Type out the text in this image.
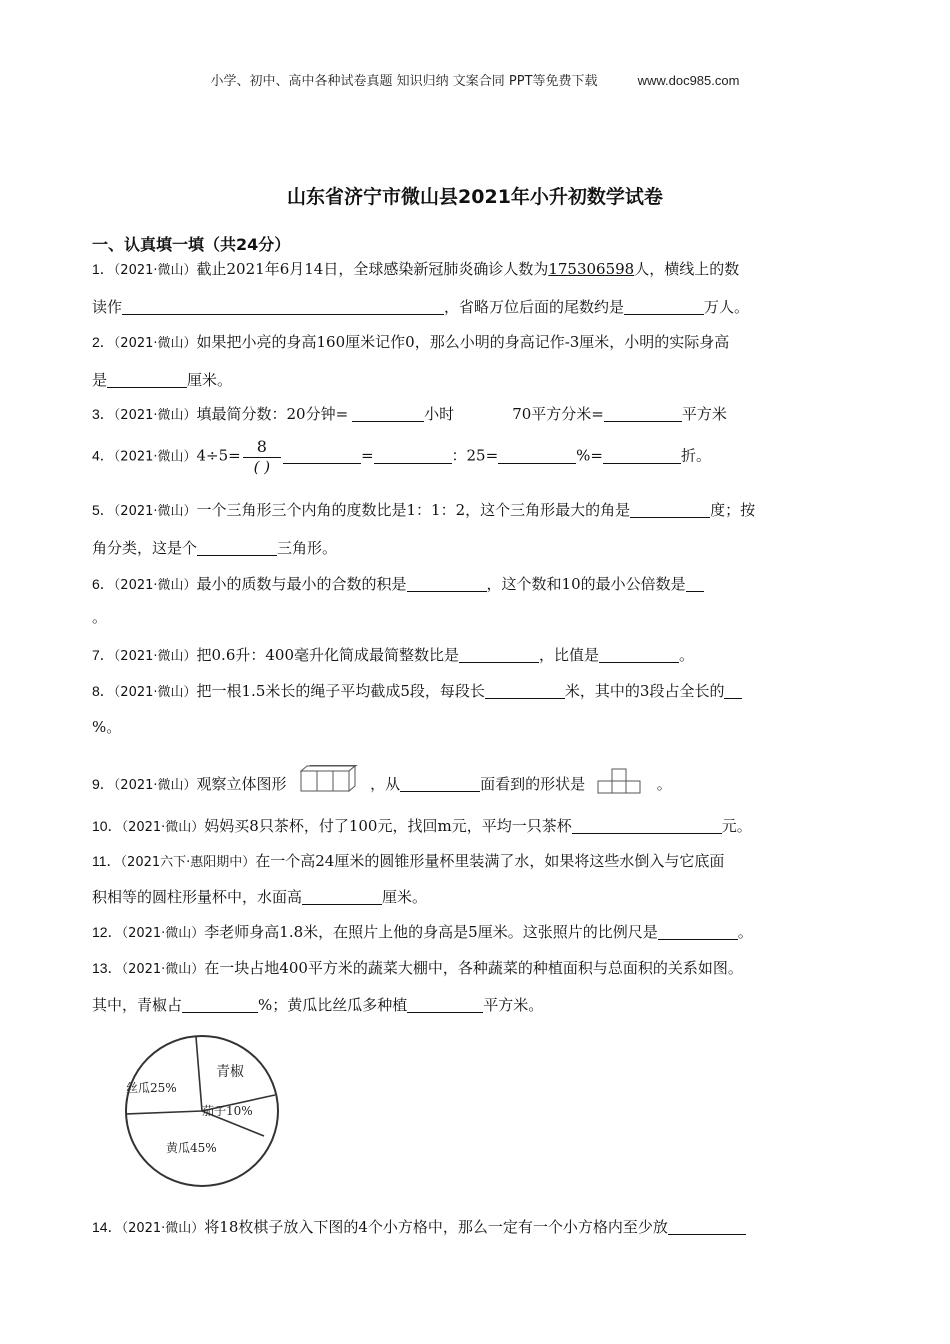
小学、初中、高中各种试卷真题 知识归纳 文案合同 PPT等免费下载	www.doc985.com
山东省济宁市微山县2021年小升初数学试卷
一、认真填一填（共24分）
1．（2021·微山）截止2021年6月14日，全球感染新冠肺炎确诊人数为175306598人，横线上的数
读作	，省略万位后面的尾数约是	万人。
2．（2021·微山）如果把小亮的身高160厘米记作0，那么小明的身高记作-3厘米，小明的实际身高
是	厘米。
3．（2021·微山）填最简分数：20分钟=	小时	70平方分米=	平方米
4．（2021·微山）$4\div 5= \frac{8}{( )}$	=	：25=	%=	折。
5．（2021·微山）一个三角形三个内角的度数比是1：1：2，这个三角形最大的角是	度；按
角分类，这是个	三角形。
6．（2021·微山）最小的质数与最小的合数的积是	，这个数和10的最小公倍数是
。
7．（2021·微山）把0.6升：400毫升化简成最简整数比是	，比值是	。
8．（2021·微山）把一根1.5米长的绳子平均截成5段，每段长	米，其中的3段占全长的
%。
9．（2021·微山）观察立体图形	，从	面看到的形状是	。
10．（2021·微山）妈妈买8只茶杯，付了100元，找回m元，平均一只茶杯	元。
11．（2021六下·惠阳期中）在一个高24厘米的圆锥形量杯里装满了水，如果将这些水倒入与它底面
积相等的圆柱形量杯中，水面高	厘米。
12．（2021·微山）李老师身高1.8米，在照片上他的身高是5厘米。这张照片的比例尺是	。
13．（2021·微山）在一块占地400平方米的蔬菜大棚中，各种蔬菜的种植面积与总面积的关系如图。
其中，青椒占	%；黄瓜比丝瓜多种植	平方米。
青椒
丝瓜25%
茄子10%
黄瓜45%
14．（2021·微山）将18枚棋子放入下图的4个小方格中，那么一定有一个小方格内至少放
